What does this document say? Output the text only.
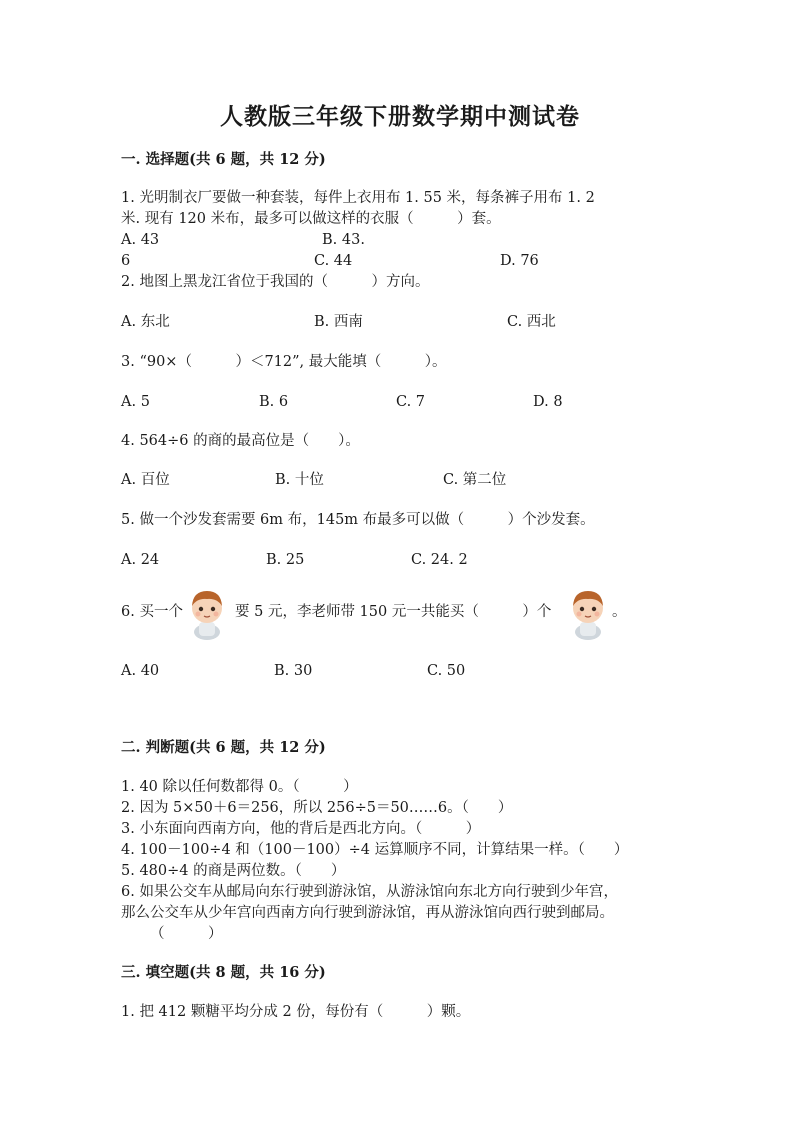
人教版三年级下册数学期中测试卷
一. 选择题(共 6 题，共 12 分)
1. 光明制衣厂要做一种套装，每件上衣用布 1. 55 米，每条裤子用布 1. 2
米. 现有 120 米布，最多可以做这样的衣服（　　　）套。
A. 43	B. 43.
6	C. 44	D. 76
2. 地图上黑龙江省位于我国的（　　　）方向。
A. 东北	B. 西南	C. 西北
3. “90×（　　　）＜712”, 最大能填（　　　）。
A. 5	B. 6	C. 7	D. 8
4. 564÷6 的商的最高位是（　　）。
A. 百位	B. 十位	C. 第二位
5. 做一个沙发套需要 6m 布，145m 布最多可以做（　　　）个沙发套。
A. 24	B. 25	C. 24. 2
6. 买一个	要 5 元，李老师带 150 元一共能买（　　　）个	。
A. 40	B. 30	C. 50
二. 判断题(共 6 题，共 12 分)
1. 40 除以任何数都得 0。（　　　）
2. 因为 5×50＋6＝256，所以 256÷5＝50……6。（　　）
3. 小东面向西南方向，他的背后是西北方向。（　　　）
4. 100－100÷4 和（100－100）÷4 运算顺序不同，计算结果一样。（　　）
5. 480÷4 的商是两位数。（　　）
6. 如果公交车从邮局向东行驶到游泳馆，从游泳馆向东北方向行驶到少年宫，
那么公交车从少年宫向西南方向行驶到游泳馆，再从游泳馆向西行驶到邮局。
（　　　）
三. 填空题(共 8 题，共 16 分)
1. 把 412 颗糖平均分成 2 份，每份有（　　　）颗。
